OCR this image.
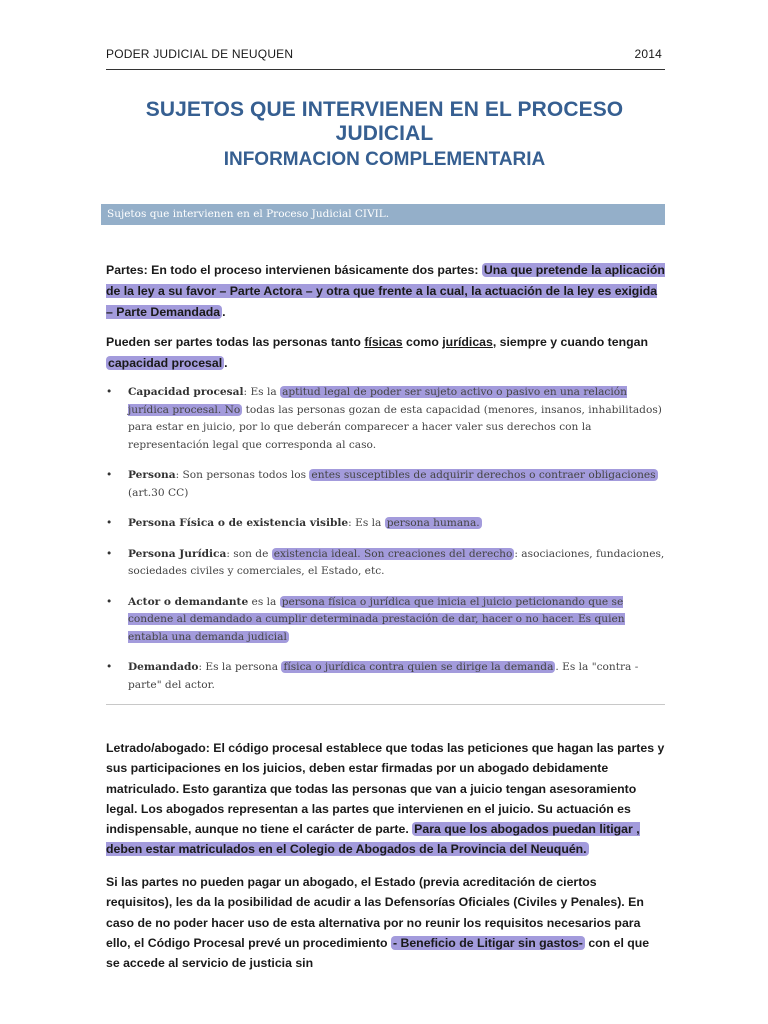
PODER JUDICIAL DE NEUQUEN	2014
SUJETOS QUE INTERVIENEN EN EL PROCESO JUDICIAL
INFORMACION COMPLEMENTARIA
Sujetos que intervienen en el Proceso Judicial CIVIL.
Partes: En todo el proceso intervienen básicamente dos partes: Una que pretende la aplicación de la ley a su favor – Parte Actora – y otra que frente a la cual, la actuación de la ley es exigida – Parte Demandada .
Pueden ser partes todas las personas tanto físicas como jurídicas, siempre y cuando tengan capacidad procesal .
• Capacidad procesal: Es la aptitud legal de poder ser sujeto activo o pasivo en una relación jurídica procesal. No todas las personas gozan de esta capacidad (menores, insanos, inhabilitados) para estar en juicio, por lo que deberán comparecer a hacer valer sus derechos con la representación legal que corresponda al caso.
• Persona: Son personas todos los entes susceptibles de adquirir derechos o contraer obligaciones (art.30 CC)
• Persona Física o de existencia visible: Es la persona humana.
• Persona Jurídica: son de existencia ideal. Son creaciones del derecho : asociaciones, fundaciones, sociedades civiles y comerciales, el Estado, etc.
• Actor o demandante es la persona física o jurídica que inicia el juicio peticionando que se condene al demandado a cumplir determinada prestación de dar, hacer o no hacer. Es quien entabla una demanda judicial
• Demandado: Es la persona física o jurídica contra quien se dirige la demanda . Es la "contra - parte" del actor.
Letrado/abogado: El código procesal establece que todas las peticiones que hagan las partes y sus participaciones en los juicios, deben estar firmadas por un abogado debidamente matriculado. Esto garantiza que todas las personas que van a juicio tengan asesoramiento legal. Los abogados representan a las partes que intervienen en el juicio. Su actuación es indispensable, aunque no tiene el carácter de parte. Para que los abogados puedan litigar , deben estar matriculados en el Colegio de Abogados de la Provincia del Neuquén.
Si las partes no pueden pagar un abogado, el Estado (previa acreditación de ciertos requisitos), les da la posibilidad de acudir a las Defensorías Oficiales (Civiles y Penales). En caso de no poder hacer uso de esta alternativa por no reunir los requisitos necesarios para ello, el Código Procesal prevé un procedimiento - Beneficio de Litigar sin gastos- con el que se accede al servicio de justicia sin
